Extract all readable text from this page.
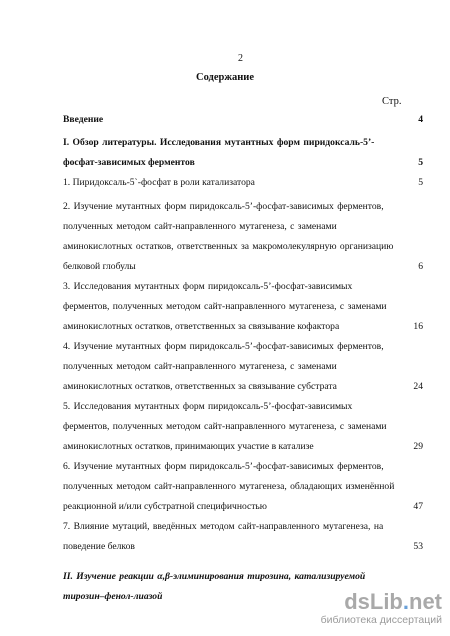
2
Содержание
Стр.
Введение	4
I. Обзор литературы. Исследования мутантных форм пиридоксаль-5’-
фосфат-зависимых ферментов	5
1. Пиридоксаль-5`-фосфат в роли катализатора	5
2. Изучение мутантных форм пиридоксаль-5’-фосфат-зависимых ферментов,
полученных методом сайт-направленного мутагенеза, с заменами
аминокислотных остатков, ответственных за макромолекулярную организацию
белковой глобулы	6
3. Исследования мутантных форм пиридоксаль-5’-фосфат-зависимых
ферментов, полученных методом сайт-направленного мутагенеза, с заменами
аминокислотных остатков, ответственных за связывание кофактора	16
4. Изучение мутантных форм пиридоксаль-5’-фосфат-зависимых ферментов,
полученных методом сайт-направленного мутагенеза, с заменами
аминокислотных остатков, ответственных за связывание субстрата	24
5. Исследования мутантных форм пиридоксаль-5’-фосфат-зависимых
ферментов, полученных методом сайт-направленного мутагенеза, с заменами
аминокислотных остатков, принимающих участие в катализе	29
6. Изучение мутантных форм пиридоксаль-5’-фосфат-зависимых ферментов,
полученных методом сайт-направленного мутагенеза, обладающих изменённой
реакционной и/или субстратной специфичностью	47
7. Влияние мутаций, введённых методом сайт-направленного мутагенеза, на
поведение белков	53
II. Изучение реакции α,β-элиминирования тирозина, катализируемой
тирозин–фенол-лиазой	dsLib.net
библиотека диссертаций
